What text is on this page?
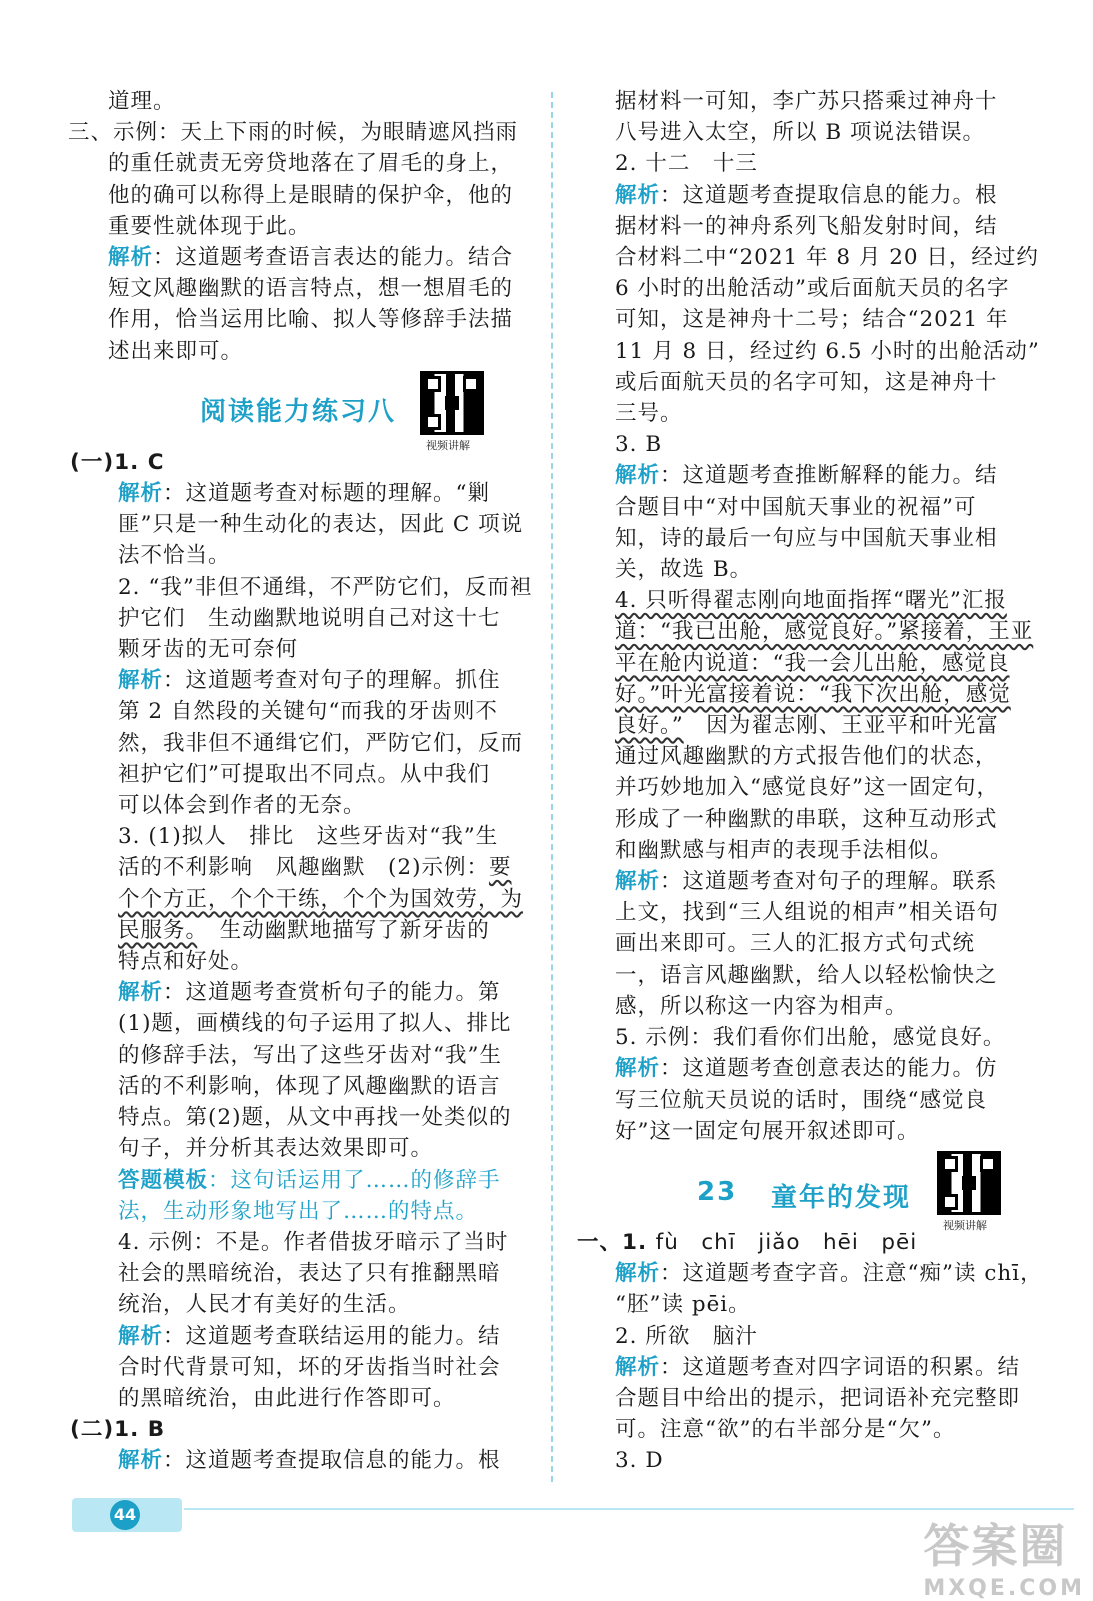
道理。
三、示例：天上下雨的时候，为眼睛遮风挡雨
的重任就责无旁贷地落在了眉毛的身上，
他的确可以称得上是眼睛的保护伞，他的
重要性就体现于此。
解析：这道题考查语言表达的能力。结合
短文风趣幽默的语言特点，想一想眉毛的
作用，恰当运用比喻、拟人等修辞手法描
述出来即可。
阅读能力练习八
视频讲解
(一)1. C
解析：这道题考查对标题的理解。“剿
匪”只是一种生动化的表达，因此 C 项说
法不恰当。
2. “我”非但不通缉，不严防它们，反而袒
护它们　生动幽默地说明自己对这十七
颗牙齿的无可奈何
解析：这道题考查对句子的理解。抓住
第 2 自然段的关键句“而我的牙齿则不
然，我非但不通缉它们，严防它们，反而
袒护它们”可提取出不同点。从中我们
可以体会到作者的无奈。
3. (1)拟人　排比　这些牙齿对“我”生
活的不利影响　风趣幽默　(2)示例：要
个个方正，个个干练，个个为国效劳，为
民服务。　生动幽默地描写了新牙齿的
特点和好处。
解析：这道题考查赏析句子的能力。第
(1)题，画横线的句子运用了拟人、排比
的修辞手法，写出了这些牙齿对“我”生
活的不利影响，体现了风趣幽默的语言
特点。第(2)题，从文中再找一处类似的
句子，并分析其表达效果即可。
答题模板：这句话运用了……的修辞手
法，生动形象地写出了……的特点。
4. 示例：不是。作者借拔牙暗示了当时
社会的黑暗统治，表达了只有推翻黑暗
统治，人民才有美好的生活。
解析：这道题考查联结运用的能力。结
合时代背景可知，坏的牙齿指当时社会
的黑暗统治，由此进行作答即可。
(二)1. B
解析：这道题考查提取信息的能力。根
据材料一可知，李广苏只搭乘过神舟十
八号进入太空，所以 B 项说法错误。
2. 十二　十三
解析：这道题考查提取信息的能力。根
据材料一的神舟系列飞船发射时间，结
合材料二中“2021 年 8 月 20 日，经过约
6 小时的出舱活动”或后面航天员的名字
可知，这是神舟十二号；结合“2021 年
11 月 8 日，经过约 6.5 小时的出舱活动”
或后面航天员的名字可知，这是神舟十
三号。
3. B
解析：这道题考查推断解释的能力。结
合题目中“对中国航天事业的祝福”可
知，诗的最后一句应与中国航天事业相
关，故选 B。
4. 只听得翟志刚向地面指挥“曙光”汇报
道：“我已出舱，感觉良好。”紧接着，王亚
平在舱内说道：“我一会儿出舱，感觉良
好。”叶光富接着说：“我下次出舱，感觉
良好。”　因为翟志刚、王亚平和叶光富
通过风趣幽默的方式报告他们的状态，
并巧妙地加入“感觉良好”这一固定句，
形成了一种幽默的串联，这种互动形式
和幽默感与相声的表现手法相似。
解析：这道题考查对句子的理解。联系
上文，找到“三人组说的相声”相关语句
画出来即可。三人的汇报方式句式统
一，语言风趣幽默，给人以轻松愉快之
感，所以称这一内容为相声。
5. 示例：我们看你们出舱，感觉良好。
解析：这道题考查创意表达的能力。仿
写三位航天员说的话时，围绕“感觉良
好”这一固定句展开叙述即可。
23 童年的发现
视频讲解
一、1. fù　chī　jiǎo　hēi　pēi
解析：这道题考查字音。注意“痴”读 chī，
“胚”读 pēi。
2. 所欲　脑汁
解析：这道题考查对四字词语的积累。结
合题目中给出的提示，把词语补充完整即
可。注意“欲”的右半部分是“欠”。
3. D
44
答案圈
MXQE.COM
